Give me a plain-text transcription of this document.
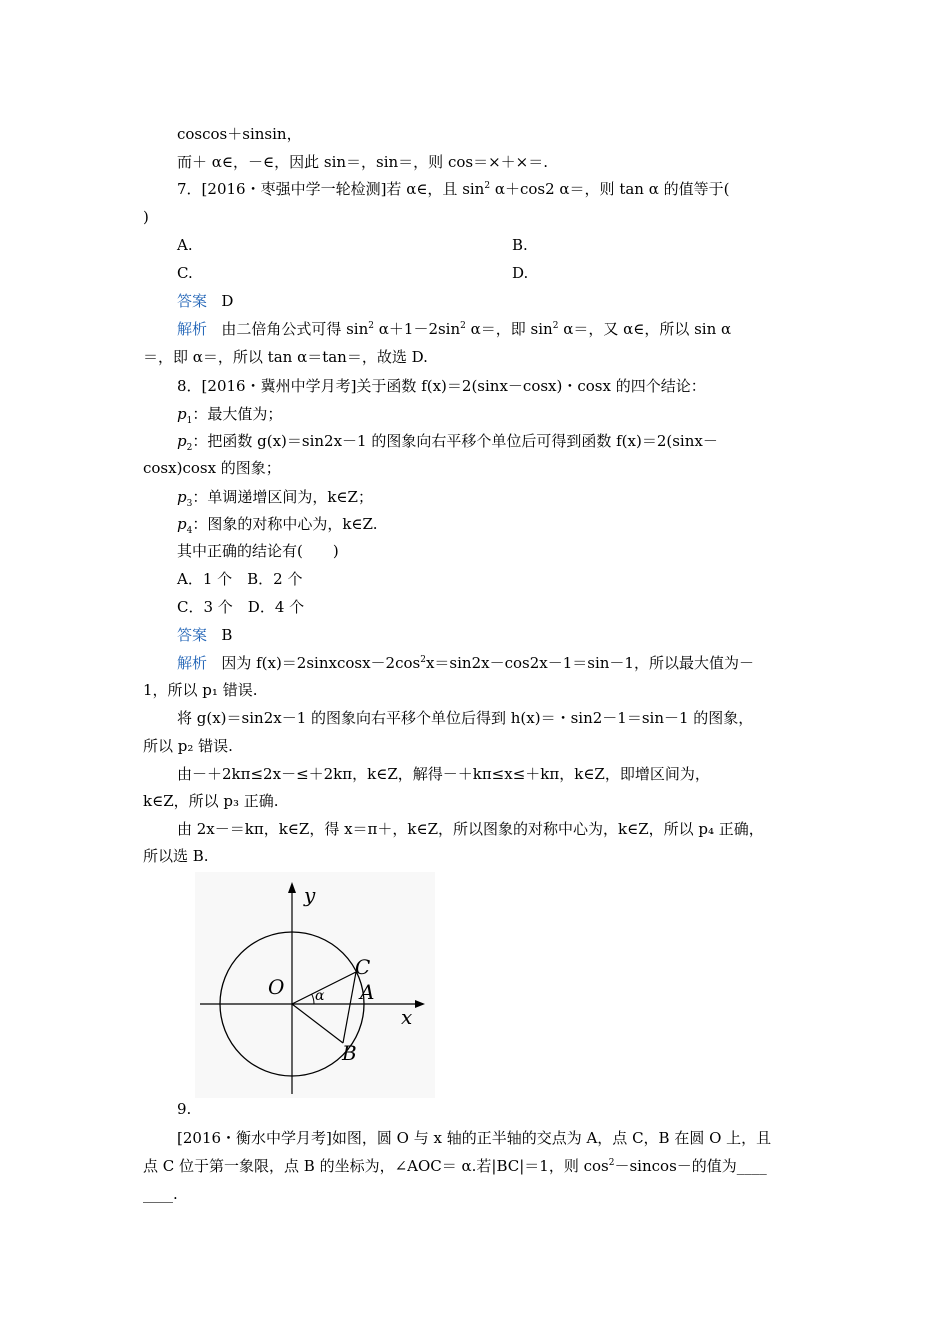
coscos＋sinsin，
而＋ α∈，－∈，因此 sin＝，sin＝，则 cos＝×＋×＝.
7．[2016・枣强中学一轮检测]若 α∈，且 $\sin^2 \alpha+\cos 2$ α＝，则 tan α 的值等于(
)
A.	B.
C.	D.
答案 D
解析 由二倍角公式可得 $\sin^2 \alpha+1-2\sin^2$ α＝，即 $\sin^2 \alpha=$，又 α∈，所以 sin α
＝，即 α＝，所以 tan α＝tan＝，故选 D.
8．[2016・冀州中学月考]关于函数 f(x)＝2(sinx－cosx)・cosx 的四个结论：
$p_1$：最大值为；
$p_2$：把函数 g(x)＝sin2x－1 的图象向右平移个单位后可得到函数 f(x)＝2(sinx－
cosx)cosx 的图象；
$p_3$：单调递增区间为，k∈Z；
$p_4$：图象的对称中心为，k∈Z.
其中正确的结论有(　　)
A．1 个　B．2 个
C．3 个　D．4 个
答案 B
解析 因为 $f(x)=2sinxcosx-2\cos^2x=\sin 2x-\cos 2x-1=\sin-1$，所以最大值为－
1，所以 p₁ 错误.
将 g(x)＝sin2x－1 的图象向右平移个单位后得到 h(x)＝・sin2－1＝sin－1 的图象，
所以 p₂ 错误.
由－＋2kπ≤2x－≤＋2kπ，k∈Z，解得－＋kπ≤x≤＋kπ，k∈Z，即增区间为，
k∈Z，所以 p₃ 正确.
由 2x－＝kπ，k∈Z，得 x＝π＋，k∈Z，所以图象的对称中心为，k∈Z，所以 p₄ 正确，
所以选 B.
α
y
x
O	A
C
B
9.
[2016・衡水中学月考]如图，圆 O 与 x 轴的正半轴的交点为 A，点 C，B 在圆 O 上，且
点 C 位于第一象限，点 B 的坐标为，∠AOC＝ α.若|BC|＝1，则 $\cos^2-sincos-$的值为____
____.
